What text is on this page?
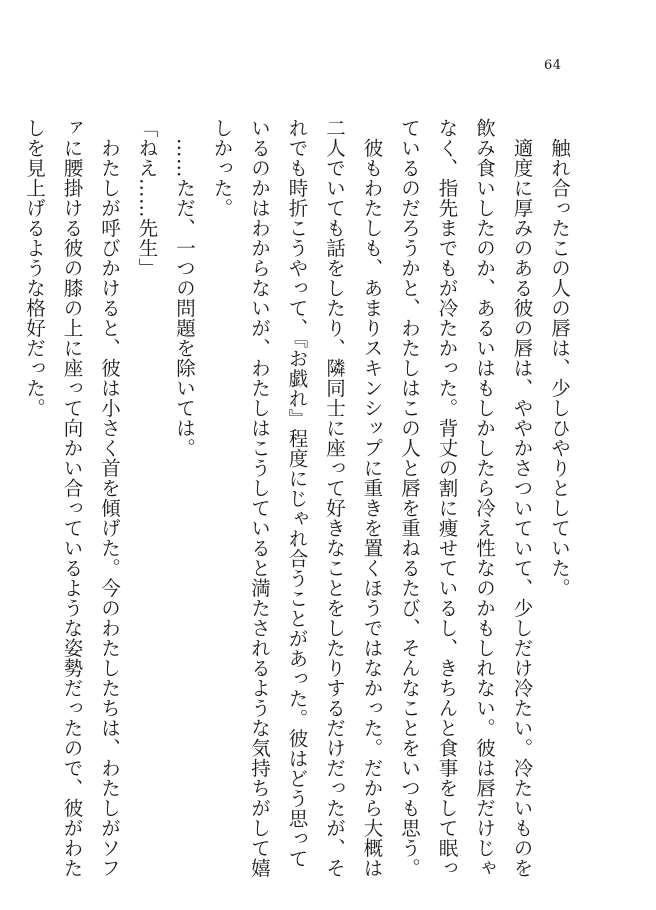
64

触れ合ったこの人の唇は、少しひやりとしていた。

適度に厚みのある彼の唇は、ややかさついていて、少しだけ冷たい。冷たいものを飲み食いしたのか、あるいはもしかしたら冷え性なのかもしれない。彼は唇だけじゃなく、指先までもが冷たかった。背丈の割に痩せているし、きちんと食事をして眠っているのだろうかと、わたしはこの人と唇を重ねるたび、そんなことをいつも思う。

彼もわたしも、あまりスキンシップに重きを置くほうではなかった。だから大概は二人でいても話をしたり、隣同士に座って好きなことをしたりするだけだったが、それでも時折こうやって、『お戯れ』程度にじゃれ合うことがあった。彼はどう思っているのかはわからないが、わたしはこうしていると満たされるような気持ちがして嬉しかった。

……ただ、一つの問題を除いては。

「ねえ……先生」

わたしが呼びかけると、彼は小さく首を傾げた。今のわたしたちは、わたしがソファに腰掛ける彼の膝の上に座って向かい合っているような姿勢だったので、彼がわたしを見上げるような格好だった。
